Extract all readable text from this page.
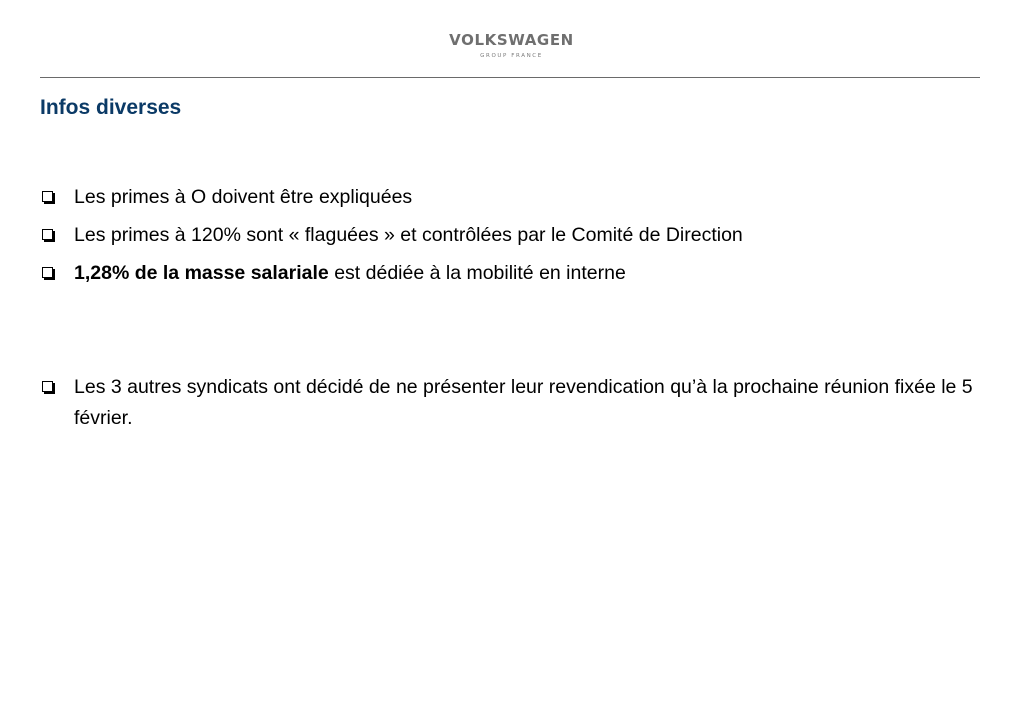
VOLKSWAGEN
GROUP FRANCE
Infos diverses
Les primes à O doivent être expliquées
Les primes à 120% sont « flaguées » et contrôlées par le Comité de Direction
1,28% de la masse salariale est dédiée à la mobilité en interne
Les 3 autres syndicats ont décidé de ne présenter leur revendication qu’à la prochaine réunion fixée le 5 février.
